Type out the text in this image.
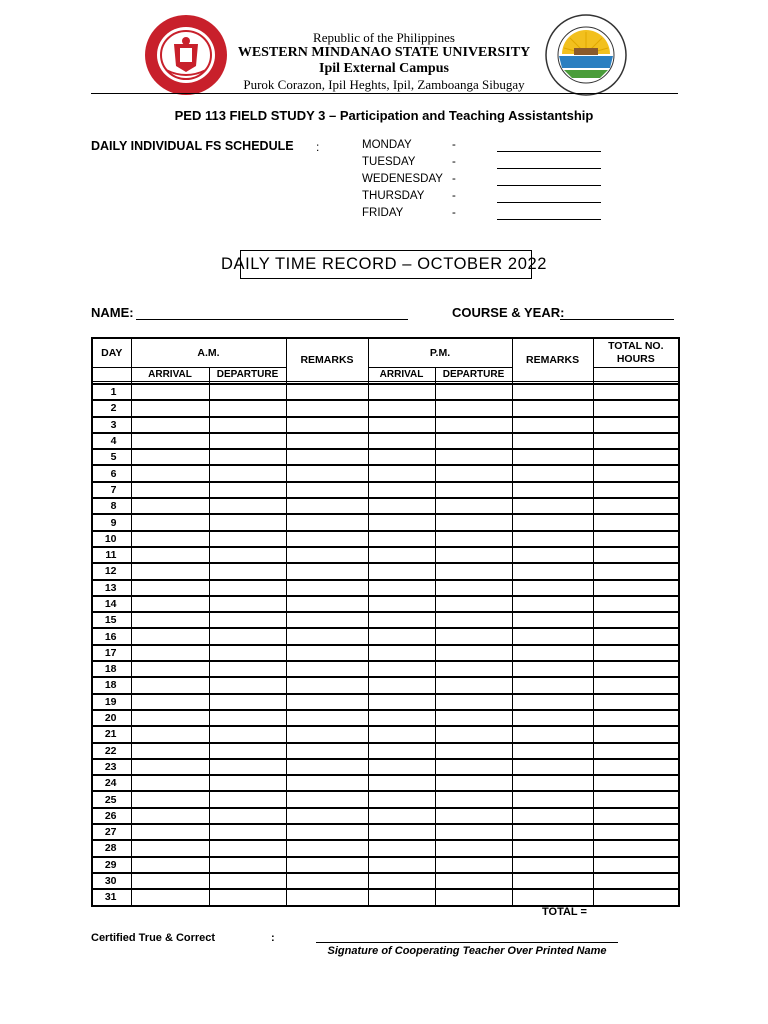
Republic of the Philippines
WESTERN MINDANAO STATE UNIVERSITY
Ipil External Campus
Purok Corazon, Ipil Heghts, Ipil, Zamboanga Sibugay
PED 113 FIELD STUDY 3 – Participation and Teaching Assistantship
DAILY INDIVIDUAL FS SCHEDULE :	MONDAY	-
TUESDAY	-
WEDENESDAY -
THURSDAY -
FRIDAY	-
DAILY TIME RECORD – OCTOBER 2022
NAME:	COURSE & YEAR:
DAY	A.M.		REMARKS	P.M.		REMARKS	TOTAL NO. HOURS
	ARRIVAL	DEPARTURE		ARRIVAL	DEPARTURE		

1							
2							
3							
4							
5							
6							
7							
8							
9							
10							
11							
12							
13							
14							
15							
16							
17							
18							
18							
19							
20							
21							
22							
23							
24							
25							
26							
27							
28							
29							
30							
31							
TOTAL =
Certified True & Correct	:
Signature of Cooperating Teacher Over Printed Name
